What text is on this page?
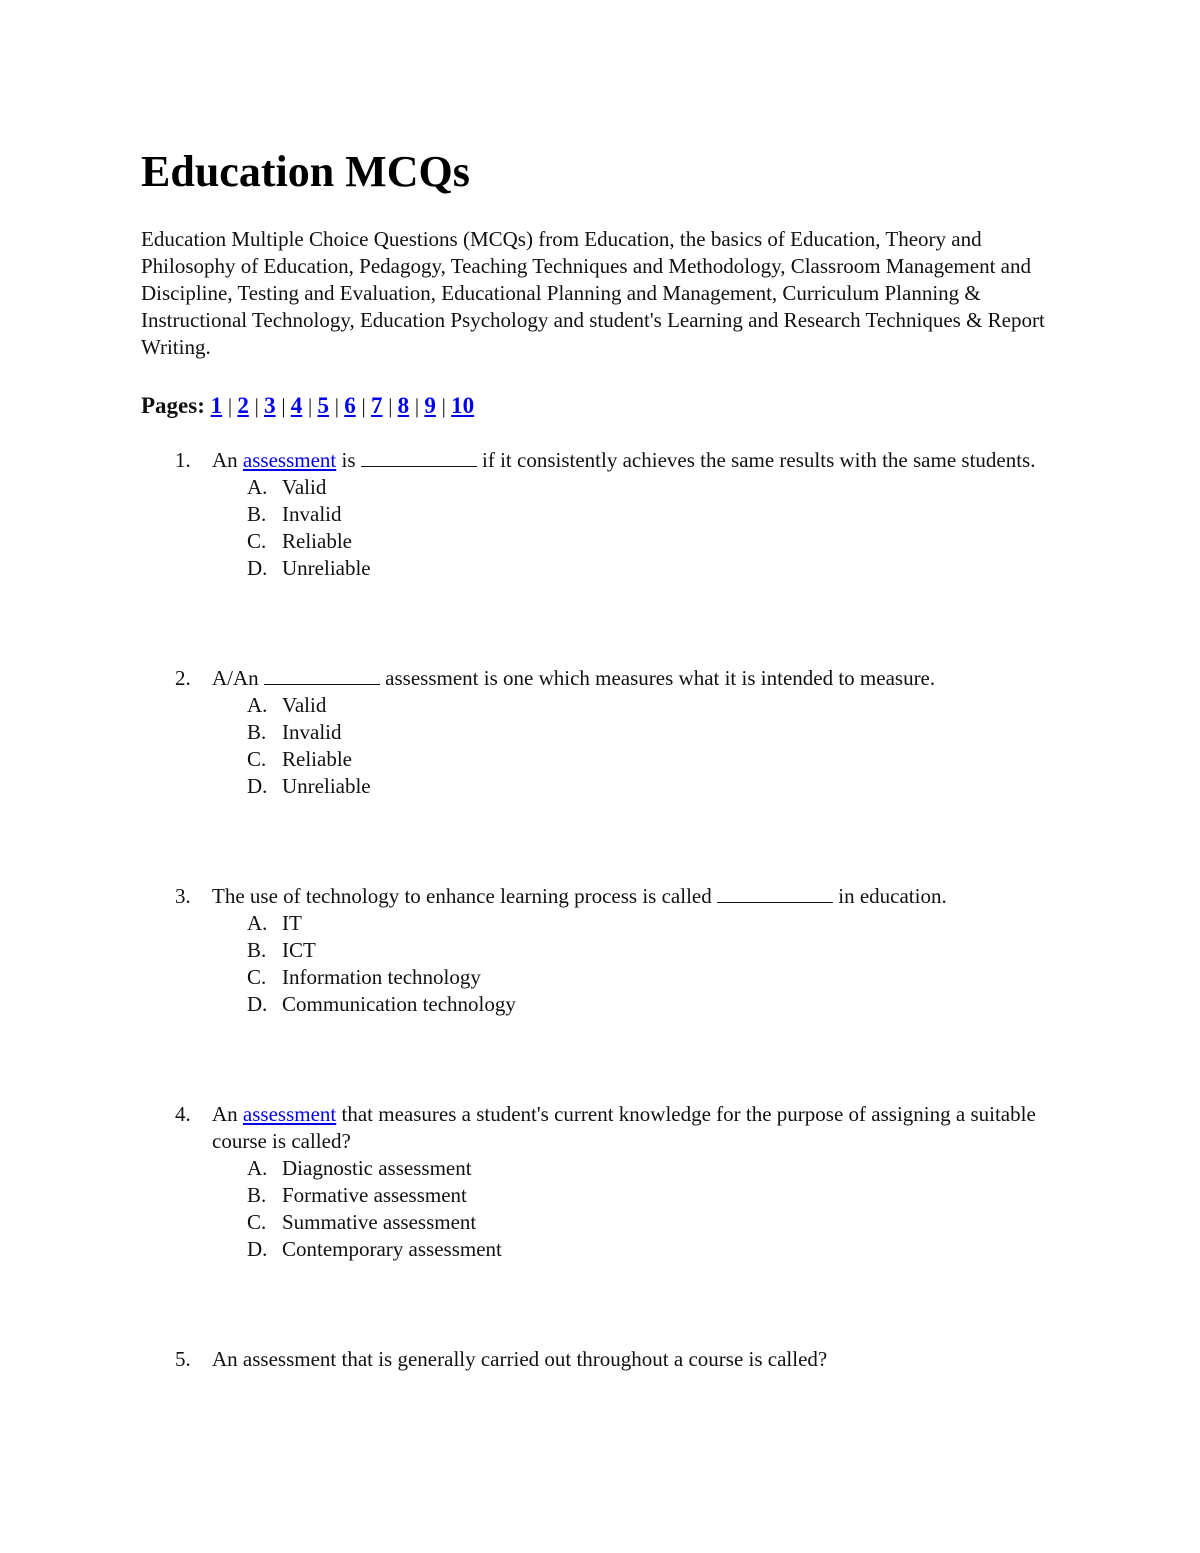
Education MCQs

Education Multiple Choice Questions (MCQs) from Education, the basics of Education, Theory and Philosophy of Education, Pedagogy, Teaching Techniques and Methodology, Classroom Management and Discipline, Testing and Evaluation, Educational Planning and Management, Curriculum Planning & Instructional Technology, Education Psychology and student's Learning and Research Techniques & Report Writing.

Pages: 1 | 2 | 3 | 4 | 5 | 6 | 7 | 8 | 9 | 10
1. An assessment is	if it consistently achieves the same results with the same students.
A. Valid
B. Invalid
C. Reliable
D. Unreliable
2. A/An	assessment is one which measures what it is intended to measure.
A. Valid
B. Invalid
C. Reliable
D. Unreliable
3. The use of technology to enhance learning process is called	in education.
A. IT
B. ICT
C. Information technology
D. Communication technology
4. An assessment that measures a student's current knowledge for the purpose of assigning a suitable course is called?
A. Diagnostic assessment
B. Formative assessment
C. Summative assessment
D. Contemporary assessment
5. An assessment that is generally carried out throughout a course is called?
